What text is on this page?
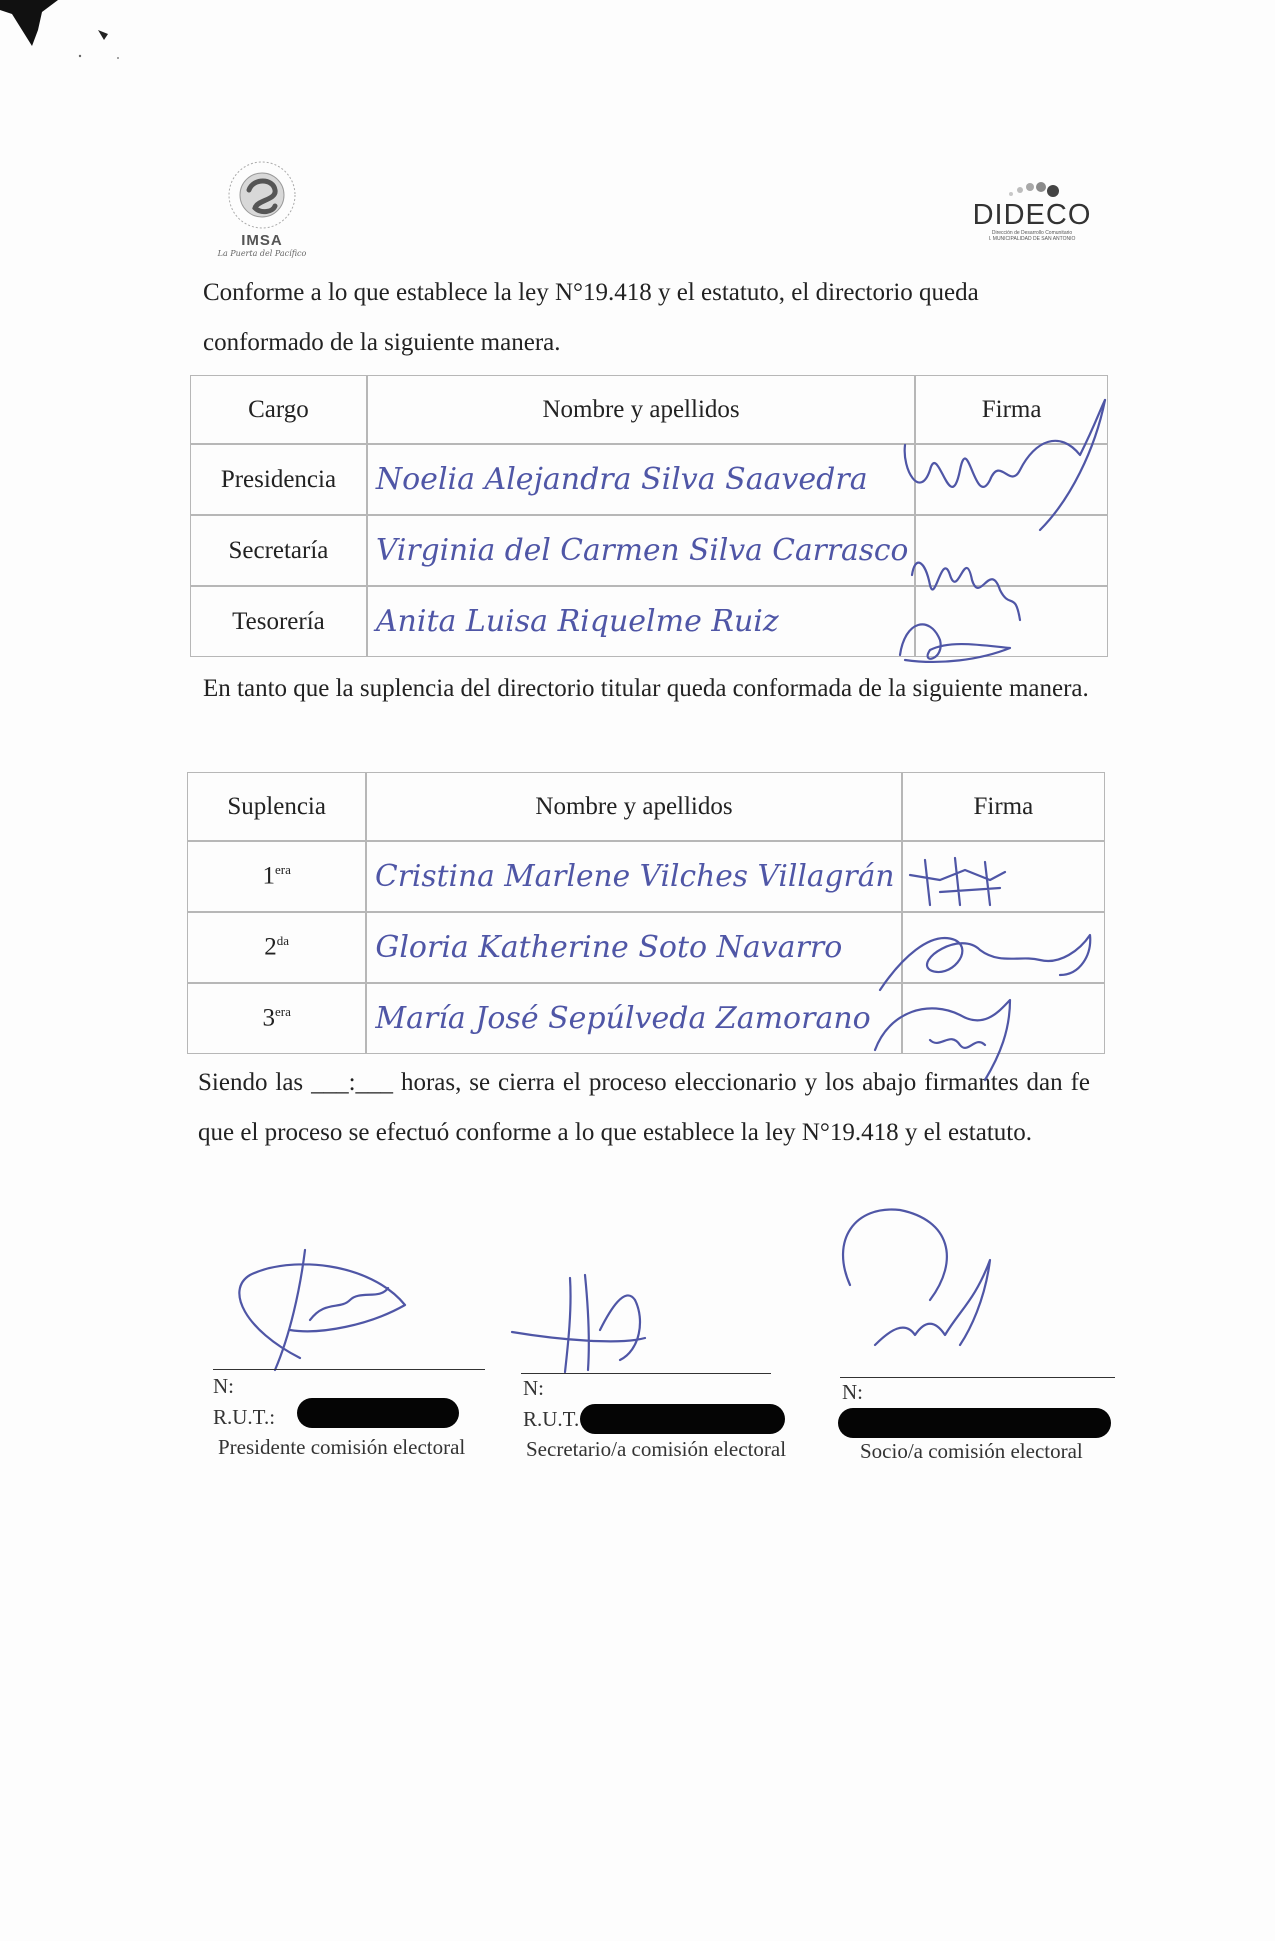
IMSA
La Puerta del Pacífico
DIDECO
Dirección de Desarrollo Comunitario
I. MUNICIPALIDAD DE SAN ANTONIO
Conforme a lo que establece la ley N°19.418 y el estatuto, el directorio queda conformado de la siguiente manera.
Cargo	Nombre y apellidos	Firma
Presidencia	Noelia Alejandra Silva Saavedra	
Secretaría	Virginia del Carmen Silva Carrasco	
Tesorería	Anita Luisa Riquelme Ruiz	
En tanto que la suplencia del directorio titular queda conformada de la siguiente manera.
Suplencia	Nombre y apellidos	Firma
$1^{era}$	Cristina Marlene Vilches Villagrán	
$2^{da}$	Gloria Katherine Soto Navarro	
$3^{era}$	María José Sepúlveda Zamorano	
Siendo las ___:___ horas, se cierra el proceso eleccionario y los abajo firmantes dan fe que el proceso se efectuó conforme a lo que establece la ley N°19.418 y el estatuto.
N:
R.U.T.:
Presidente comisión electoral
N:
R.U.T.
Secretario/a comisión electoral
N:
Socio/a comisión electoral
